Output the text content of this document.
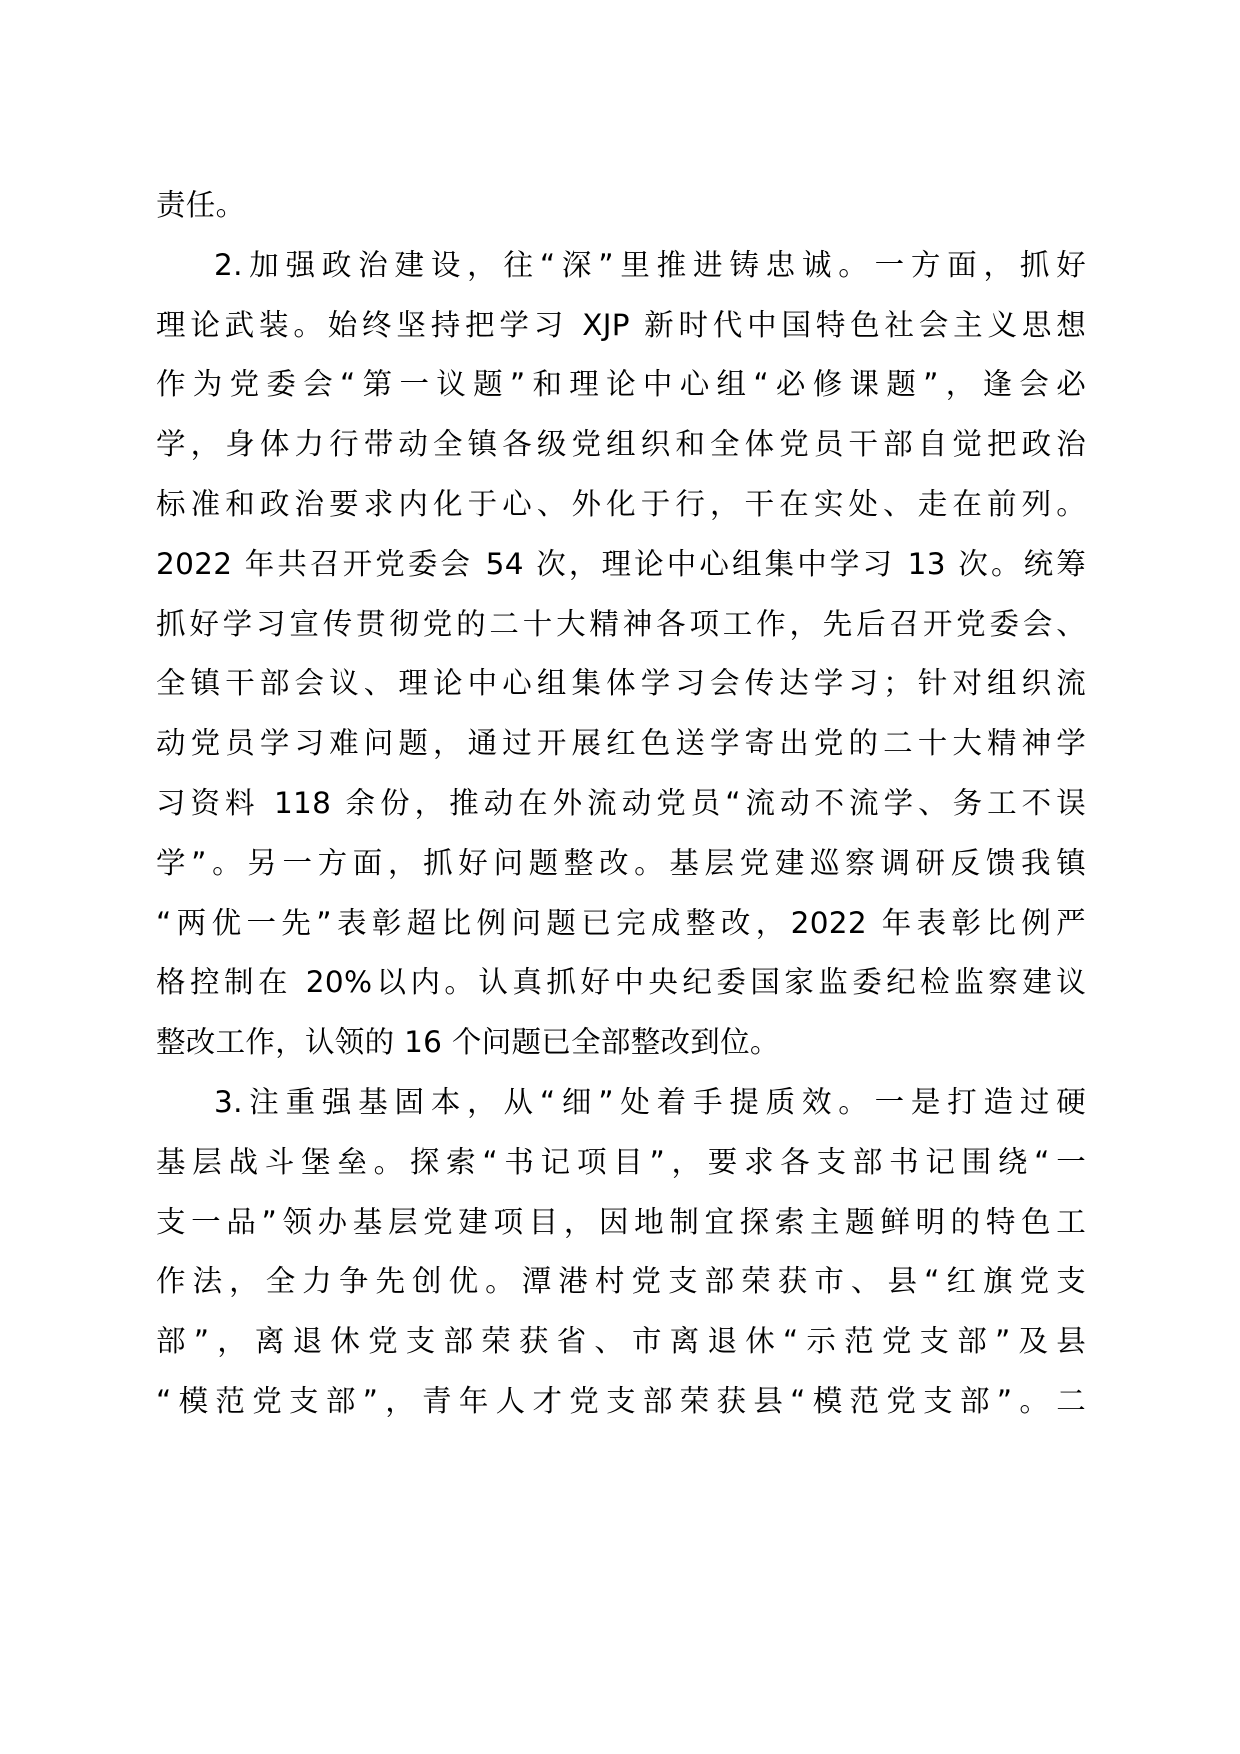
责任。
2.加强政治建设，往“深”里推进铸忠诚。一方面，抓好
理论武装。始终坚持把学习 XJP 新时代中国特色社会主义思想
作为党委会“第一议题”和理论中心组“必修课题”，逢会必
学，身体力行带动全镇各级党组织和全体党员干部自觉把政治
标准和政治要求内化于心、外化于行，干在实处、走在前列。
2022 年共召开党委会 54 次，理论中心组集中学习 13 次。统筹
抓好学习宣传贯彻党的二十大精神各项工作，先后召开党委会、
全镇干部会议、理论中心组集体学习会传达学习；针对组织流
动党员学习难问题，通过开展红色送学寄出党的二十大精神学
习资料 118 余份，推动在外流动党员“流动不流学、务工不误
学”。另一方面，抓好问题整改。基层党建巡察调研反馈我镇
“两优一先”表彰超比例问题已完成整改，2022 年表彰比例严
格控制在 20%以内。认真抓好中央纪委国家监委纪检监察建议
整改工作，认领的 16 个问题已全部整改到位。
3.注重强基固本，从“细”处着手提质效。一是打造过硬
基层战斗堡垒。探索“书记项目”，要求各支部书记围绕“一
支一品”领办基层党建项目，因地制宜探索主题鲜明的特色工
作法，全力争先创优。潭港村党支部荣获市、县“红旗党支
部”，离退休党支部荣获省、市离退休“示范党支部”及县
“模范党支部”，青年人才党支部荣获县“模范党支部”。二
